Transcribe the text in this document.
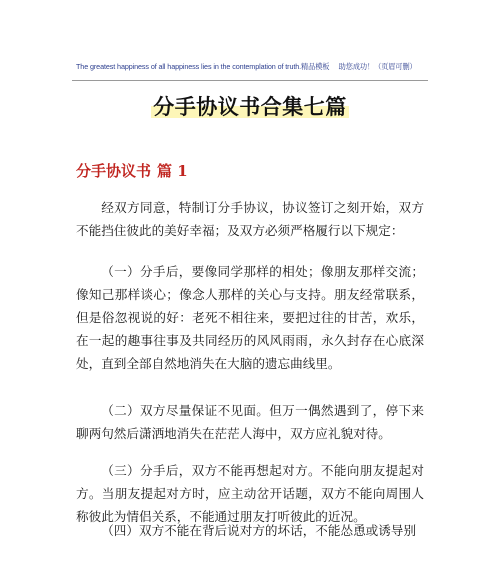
The greatest happiness of all happiness lies in the contemplation of truth.精品模板　 助您成功！（页眉可删）
分手协议书合集七篇
分手协议书 篇 1
经双方同意，特制订分手协议，协议签订之刻开始，双方不能挡住彼此的美好幸福；及双方必须严格履行以下规定：
（一）分手后，要像同学那样的相处；像朋友那样交流；像知己那样谈心；像念人那样的关心与支持。朋友经常联系，但是俗忽视说的好：老死不相往来，要把过往的甘苦，欢乐，在一起的趣事往事及共同经历的风风雨雨，永久封存在心底深处，直到全部自然地消失在大脑的遗忘曲线里。
（二）双方尽量保证不见面。但万一偶然遇到了，停下来聊两句然后潇洒地消失在茫茫人海中，双方应礼貌对待。
（三）分手后，双方不能再想起对方。不能向朋友提起对方。当朋友提起对方时，应主动岔开话题，双方不能向周围人称彼此为情侣关系，不能通过朋友打听彼此的近况。
（四）双方不能在背后说对方的坏话，不能怂恿或诱导别
